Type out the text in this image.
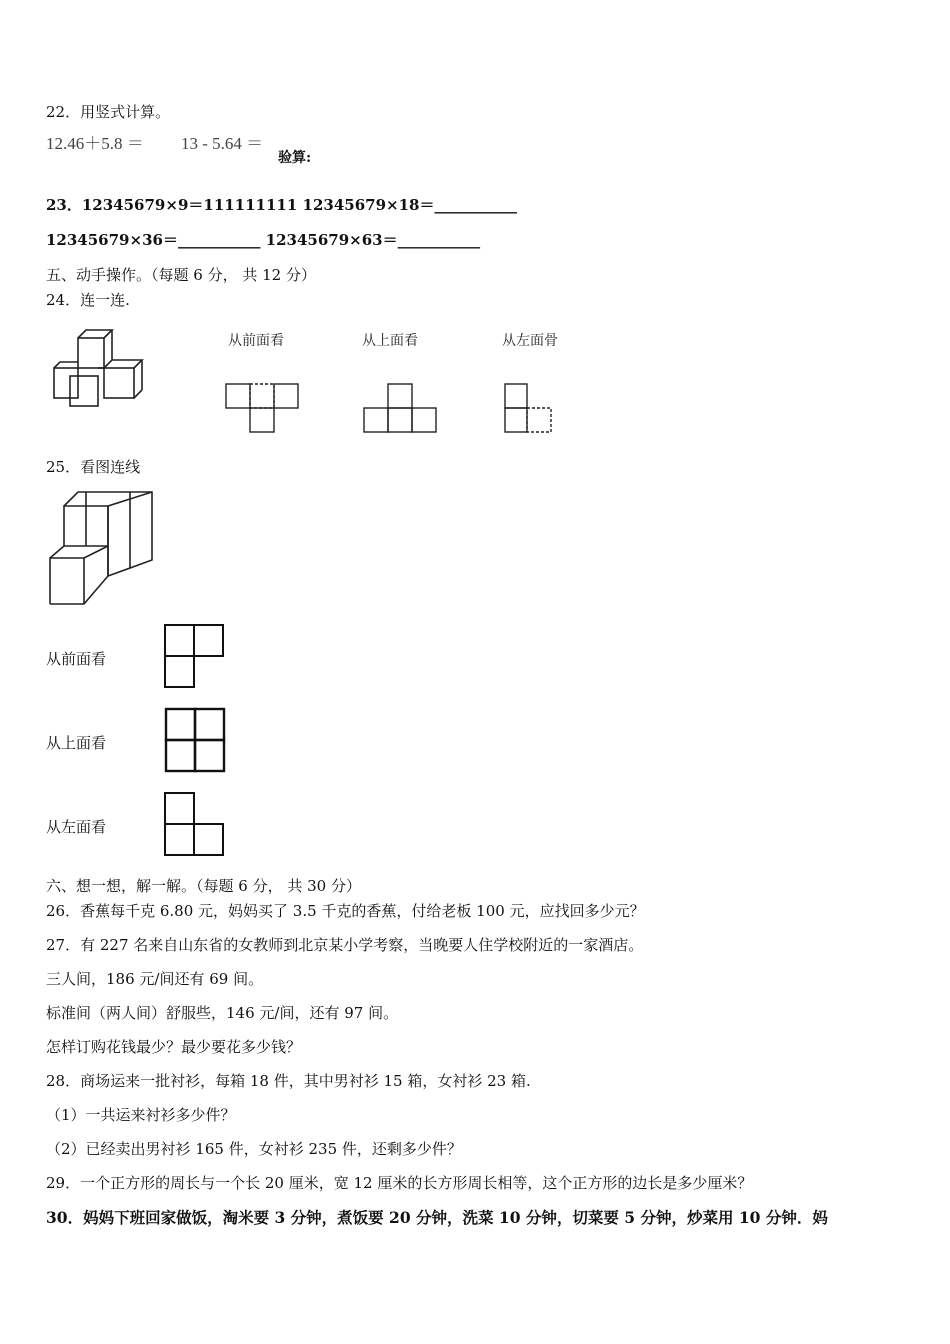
22．用竖式计算。
12.46＋5.8 ＝ 13 - 5.64 ＝
验算:
23．12345679×9＝111111111 12345679×18＝___________
12345679×36＝___________ 12345679×63＝___________
五、动手操作。（每题 6 分， 共 12 分）
24．连一连.
从前面看	从上面看	从左面骨
25．看图连线
从前面看
从上面看
从左面看
六、想一想，解一解。（每题 6 分， 共 30 分）
26．香蕉每千克 6.80 元，妈妈买了 3.5 千克的香蕉，付给老板 100 元，应找回多少元？
27．有 227 名来自山东省的女教师到北京某小学考察，当晚要人住学校附近的一家酒店。
三人间，186 元/间还有 69 间。
标准间（两人间）舒服些，146 元/间，还有 97 间。
怎样订购花钱最少？最少要花多少钱？
28．商场运来一批衬衫，每箱 18 件，其中男衬衫 15 箱，女衬衫 23 箱.
（1）一共运来衬衫多少件？
（2）已经卖出男衬衫 165 件，女衬衫 235 件，还剩多少件？
29．一个正方形的周长与一个长 20 厘米，宽 12 厘米的长方形周长相等，这个正方形的边长是多少厘米？
30．妈妈下班回家做饭，淘米要 3 分钟，煮饭要 20 分钟，洗菜 10 分钟，切菜要 5 分钟，炒菜用 10 分钟．妈
